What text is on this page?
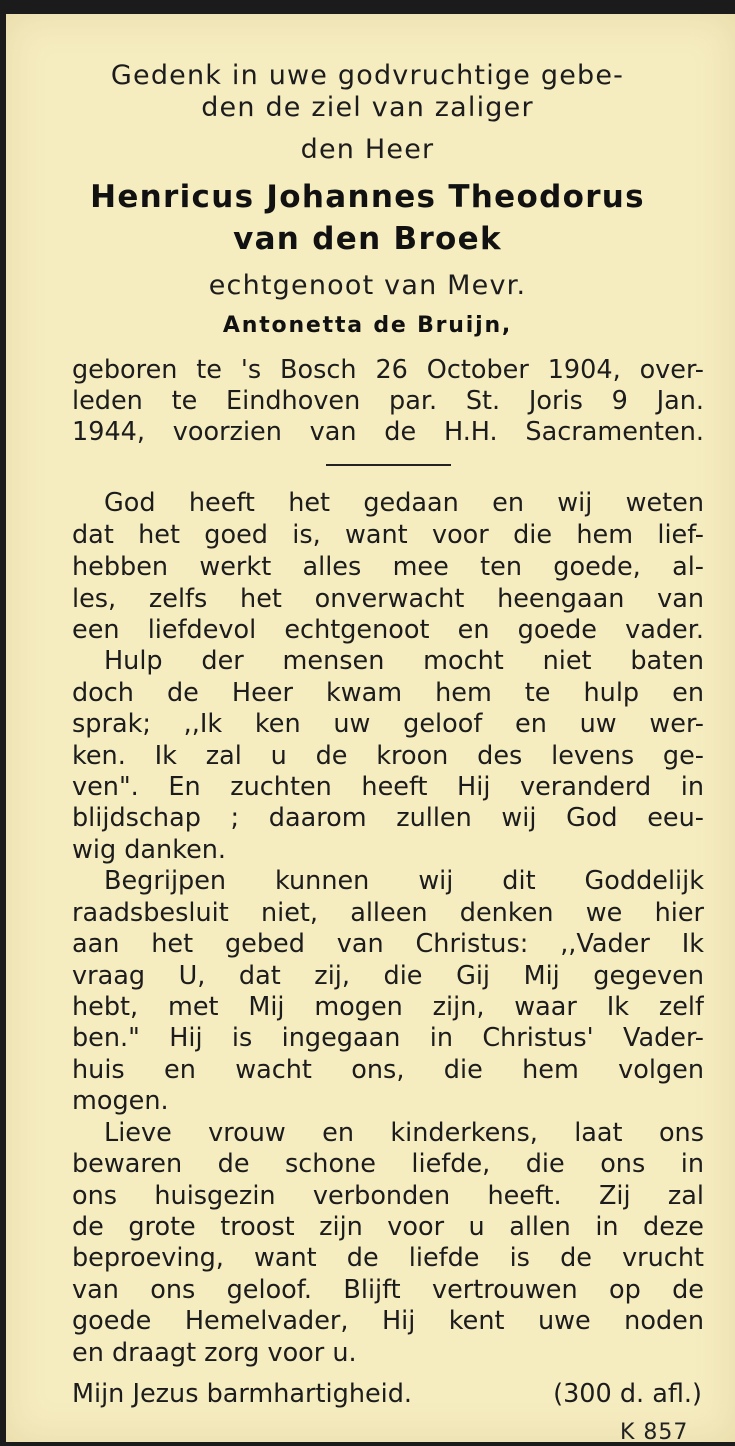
Gedenk in uwe godvruchtige gebe-
den de ziel van zaliger
den Heer
Henricus Johannes Theodorus
van den Broek
echtgenoot van Mevr.
Antonetta de Bruijn,
geboren te 's Bosch 26 October 1904, over-
leden te Eindhoven par. St. Joris 9 Jan.
1944, voorzien van de H.H. Sacramenten.
God heeft het gedaan en wij weten
dat het goed is, want voor die hem lief-
hebben werkt alles mee ten goede, al-
les, zelfs het onverwacht heengaan van
een liefdevol echtgenoot en goede vader.
Hulp der mensen mocht niet baten
doch de Heer kwam hem te hulp en
sprak; ,,Ik ken uw geloof en uw wer-
ken. Ik zal u de kroon des levens ge-
ven". En zuchten heeft Hij veranderd in
blijdschap ; daarom zullen wij God eeu-
wig danken.
Begrijpen kunnen wij dit Goddelijk
raadsbesluit niet, alleen denken we hier
aan het gebed van Christus: ,,Vader Ik
vraag U, dat zij, die Gij Mij gegeven
hebt, met Mij mogen zijn, waar Ik zelf
ben." Hij is ingegaan in Christus' Vader-
huis en wacht ons, die hem volgen
mogen.
Lieve vrouw en kinderkens, laat ons
bewaren de schone liefde, die ons in
ons huisgezin verbonden heeft. Zij zal
de grote troost zijn voor u allen in deze
beproeving, want de liefde is de vrucht
van ons geloof. Blijft vertrouwen op de
goede Hemelvader, Hij kent uwe noden
en draagt zorg voor u.
Mijn Jezus barmhartigheid.	(300 d. afl.)
K 857
